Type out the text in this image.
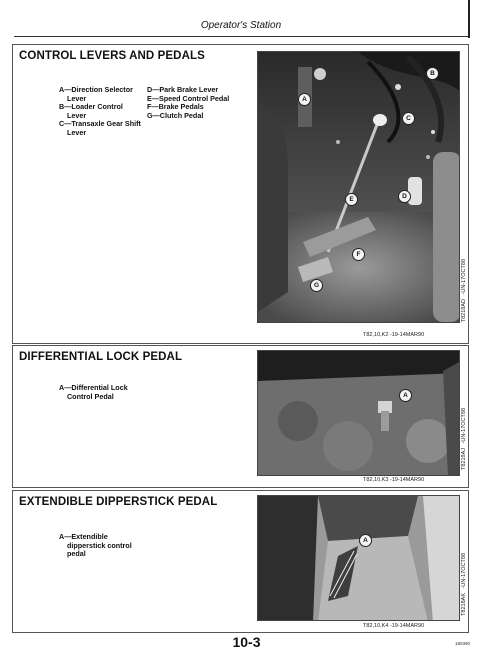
Operator's Station
CONTROL LEVERS AND PEDALS
A—Direction Selector
Lever
B—Loader Control
Lever
C—Transaxle Gear Shift
Lever
D—Park Brake Lever
E—Speed Control Pedal
F—Brake Pedals
G—Clutch Pedal
A
B
C
D
E
F
G	-UN-17OCT88
T8218AD
T82,10,K2 -19-14MAR90
DIFFERENTIAL LOCK PEDAL
A—Differential Lock
Control Pedal	A
-UN-17OCT88
T8219AJ
T82,10,K3 -19-14MAR90
EXTENDIBLE DIPPERSTICK PEDAL
A—Extendible
dipperstick control
pedal
A
-UN-17OCT88
T8218AK
T82,10,K4 -19-14MAR90
10-3	180390
